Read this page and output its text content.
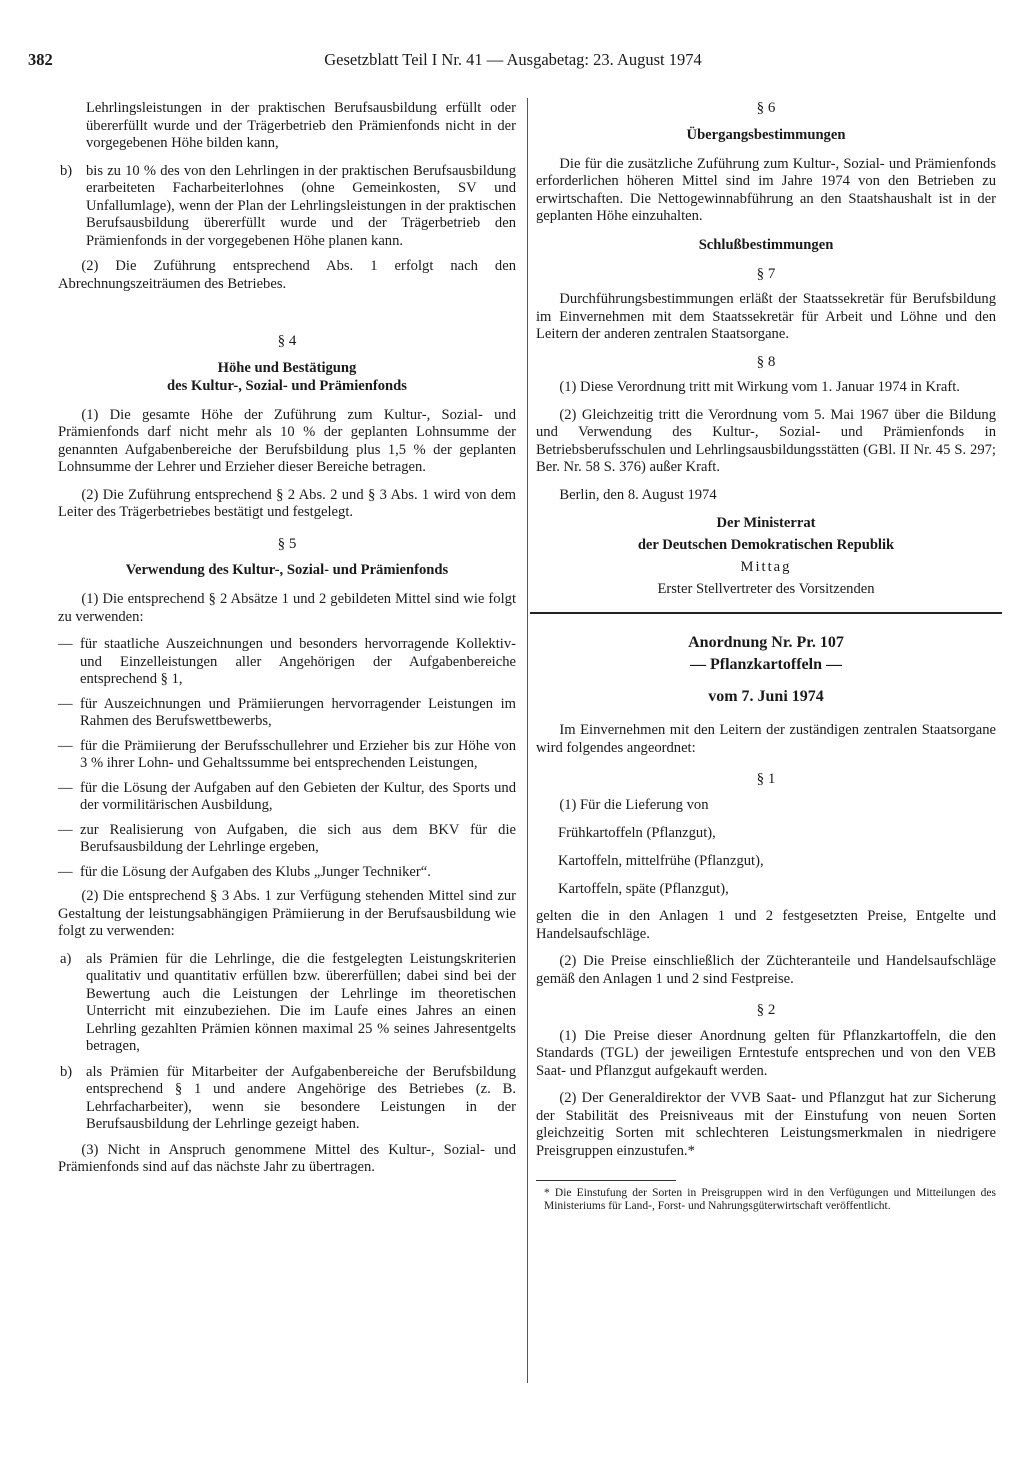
382	Gesetzblatt Teil I Nr. 41 — Ausgabetag: 23. August 1974

Lehrlingsleistungen in der praktischen Berufsausbildung erfüllt oder übererfüllt wurde und der Trägerbetrieb den Prämienfonds nicht in der vorgegebenen Höhe bilden kann,

b) bis zu 10 % des von den Lehrlingen in der praktischen Berufsausbildung erarbeiteten Facharbeiterlohnes (ohne Gemeinkosten, SV und Unfallumlage), wenn der Plan der Lehrlingsleistungen in der praktischen Berufsausbildung übererfüllt wurde und der Trägerbetrieb den Prämienfonds in der vorgegebenen Höhe planen kann.

(2) Die Zuführung entsprechend Abs. 1 erfolgt nach den Abrechnungszeiträumen des Betriebes.

§ 4
Höhe und Bestätigung
des Kultur-, Sozial- und Prämienfonds

(1) Die gesamte Höhe der Zuführung zum Kultur-, Sozial- und Prämienfonds darf nicht mehr als 10 % der geplanten Lohnsumme der genannten Aufgabenbereiche der Berufsbildung plus 1,5 % der geplanten Lohnsumme der Lehrer und Erzieher dieser Bereiche betragen.

(2) Die Zuführung entsprechend § 2 Abs. 2 und § 3 Abs. 1 wird von dem Leiter des Trägerbetriebes bestätigt und festgelegt.

§ 5
Verwendung des Kultur-, Sozial- und Prämienfonds

(1) Die entsprechend § 2 Absätze 1 und 2 gebildeten Mittel sind wie folgt zu verwenden:

— für staatliche Auszeichnungen und besonders hervorragende Kollektiv- und Einzelleistungen aller Angehörigen der Aufgabenbereiche entsprechend § 1,
— für Auszeichnungen und Prämiierungen hervorragender Leistungen im Rahmen des Berufswettbewerbs,
— für die Prämiierung der Berufsschullehrer und Erzieher bis zur Höhe von 3 % ihrer Lohn- und Gehaltssumme bei entsprechenden Leistungen,
— für die Lösung der Aufgaben auf den Gebieten der Kultur, des Sports und der vormilitärischen Ausbildung,
— zur Realisierung von Aufgaben, die sich aus dem BKV für die Berufsausbildung der Lehrlinge ergeben,
— für die Lösung der Aufgaben des Klubs „Junger Techniker“.

(2) Die entsprechend § 3 Abs. 1 zur Verfügung stehenden Mittel sind zur Gestaltung der leistungsabhängigen Prämiierung in der Berufsausbildung wie folgt zu verwenden:

a) als Prämien für die Lehrlinge, die die festgelegten Leistungskriterien qualitativ und quantitativ erfüllen bzw. übererfüllen; dabei sind bei der Bewertung auch die Leistungen der Lehrlinge im theoretischen Unterricht mit einzubeziehen. Die im Laufe eines Jahres an einen Lehrling gezahlten Prämien können maximal 25 % seines Jahresentgelts betragen,
b) als Prämien für Mitarbeiter der Aufgabenbereiche der Berufsbildung entsprechend § 1 und andere Angehörige des Betriebes (z. B. Lehrfacharbeiter), wenn sie besondere Leistungen in der Berufsausbildung der Lehrlinge gezeigt haben.

(3) Nicht in Anspruch genommene Mittel des Kultur-, Sozial- und Prämienfonds sind auf das nächste Jahr zu übertragen.

§ 6
Übergangsbestimmungen

Die für die zusätzliche Zuführung zum Kultur-, Sozial- und Prämienfonds erforderlichen höheren Mittel sind im Jahre 1974 von den Betrieben zu erwirtschaften. Die Nettogewinnabführung an den Staatshaushalt ist in der geplanten Höhe einzuhalten.

Schlußbestimmungen
§ 7

Durchführungsbestimmungen erläßt der Staatssekretär für Berufsbildung im Einvernehmen mit dem Staatssekretär für Arbeit und Löhne und den Leitern der anderen zentralen Staatsorgane.

§ 8

(1) Diese Verordnung tritt mit Wirkung vom 1. Januar 1974 in Kraft.

(2) Gleichzeitig tritt die Verordnung vom 5. Mai 1967 über die Bildung und Verwendung des Kultur-, Sozial- und Prämienfonds in Betriebsberufsschulen und Lehrlingsausbildungsstätten (GBl. II Nr. 45 S. 297; Ber. Nr. 58 S. 376) außer Kraft.

Berlin, den 8. August 1974

Der Ministerrat
der Deutschen Demokratischen Republik
Mittag
Erster Stellvertreter des Vorsitzenden
Anordnung Nr. Pr. 107
— Pflanzkartoffeln —
vom 7. Juni 1974

Im Einvernehmen mit den Leitern der zuständigen zentralen Staatsorgane wird folgendes angeordnet:

§ 1

(1) Für die Lieferung von

Frühkartoffeln (Pflanzgut),
Kartoffeln, mittelfrühe (Pflanzgut),
Kartoffeln, späte (Pflanzgut),

gelten die in den Anlagen 1 und 2 festgesetzten Preise, Entgelte und Handelsaufschläge.

(2) Die Preise einschließlich der Züchteranteile und Handelsaufschläge gemäß den Anlagen 1 und 2 sind Festpreise.

§ 2

(1) Die Preise dieser Anordnung gelten für Pflanzkartoffeln, die den Standards (TGL) der jeweiligen Erntestufe entsprechen und von den VEB Saat- und Pflanzgut aufgekauft werden.

(2) Der Generaldirektor der VVB Saat- und Pflanzgut hat zur Sicherung der Stabilität des Preisniveaus mit der Einstufung von neuen Sorten gleichzeitig Sorten mit schlechteren Leistungsmerkmalen in niedrigere Preisgruppen einzustufen.*

* Die Einstufung der Sorten in Preisgruppen wird in den Verfügungen und Mitteilungen des Ministeriums für Land-, Forst- und Nahrungsgüterwirtschaft veröffentlicht.
